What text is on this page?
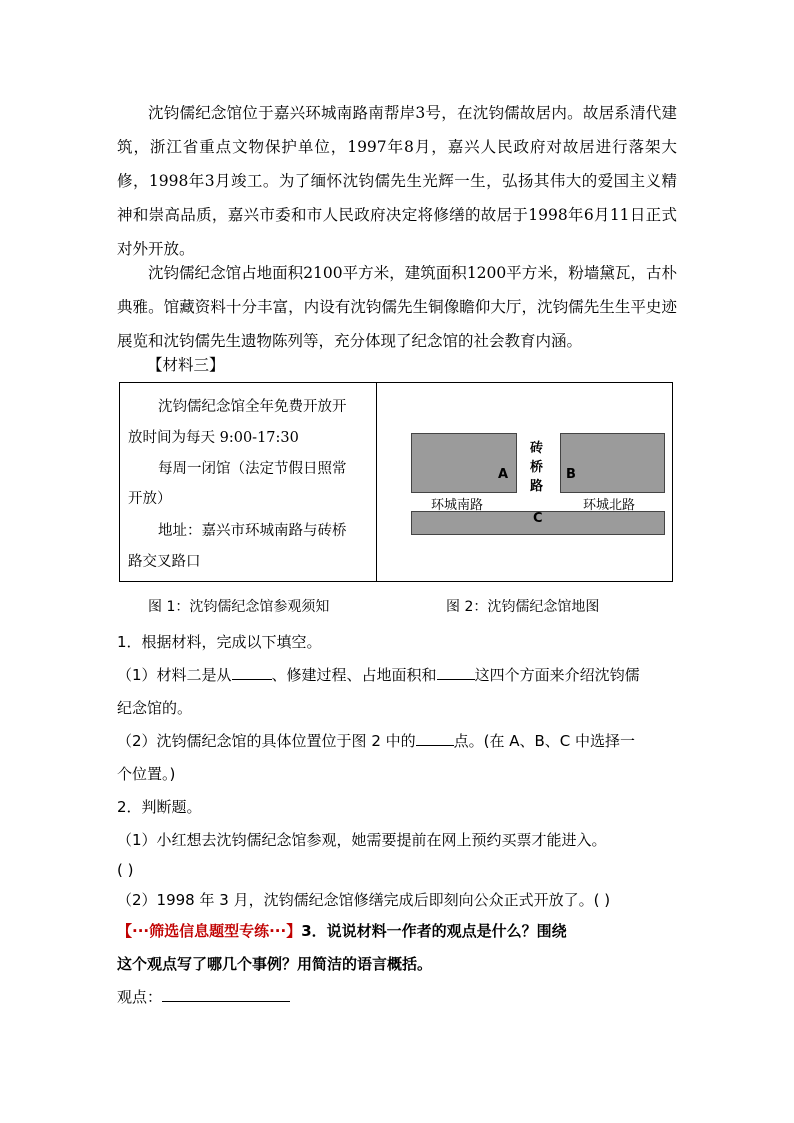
沈钧儒纪念馆位于嘉兴环城南路南帮岸3号，在沈钧儒故居内。故居系清代建筑，浙江省重点文物保护单位，1997年8月，嘉兴人民政府对故居进行落架大修，1998年3月竣工。为了缅怀沈钧儒先生光辉一生，弘扬其伟大的爱国主义精神和崇高品质，嘉兴市委和市人民政府决定将修缮的故居于1998年6月11日正式对外开放。

沈钧儒纪念馆占地面积2100平方米，建筑面积1200平方米，粉墙黛瓦，古朴典雅。馆藏资料十分丰富，内设有沈钧儒先生铜像瞻仰大厅，沈钧儒先生生平史迹展览和沈钧儒先生遗物陈列等，充分体现了纪念馆的社会教育内涵。

【材料三】
沈钧儒纪念馆全年免费开放开
放时间为每天 9:00-17:30
每周一闭馆（法定节假日照常
开放）
地址：嘉兴市环城南路与砖桥
路交叉路口
A	B
C
砖
桥
路
环城南路	环城北路
图 1：沈钧儒纪念馆参观须知	图 2：沈钧儒纪念馆地图
1．根据材料，完成以下填空。
（1）材料二是从	、修建过程、占地面积和	这四个方面来介绍沈钧儒
纪念馆的。
（2）沈钧儒纪念馆的具体位置位于图 2 中的	点。(在 A、B、C 中选择一
个位置。)
2．判断题。
（1）小红想去沈钧儒纪念馆参观，她需要提前在网上预约买票才能进入。
( )
（2）1998 年 3 月，沈钧儒纪念馆修缮完成后即刻向公众正式开放了。( )
【···筛选信息题型专练···】3．说说材料一作者的观点是什么？围绕
这个观点写了哪几个事例？用简洁的语言概括。
观点：
